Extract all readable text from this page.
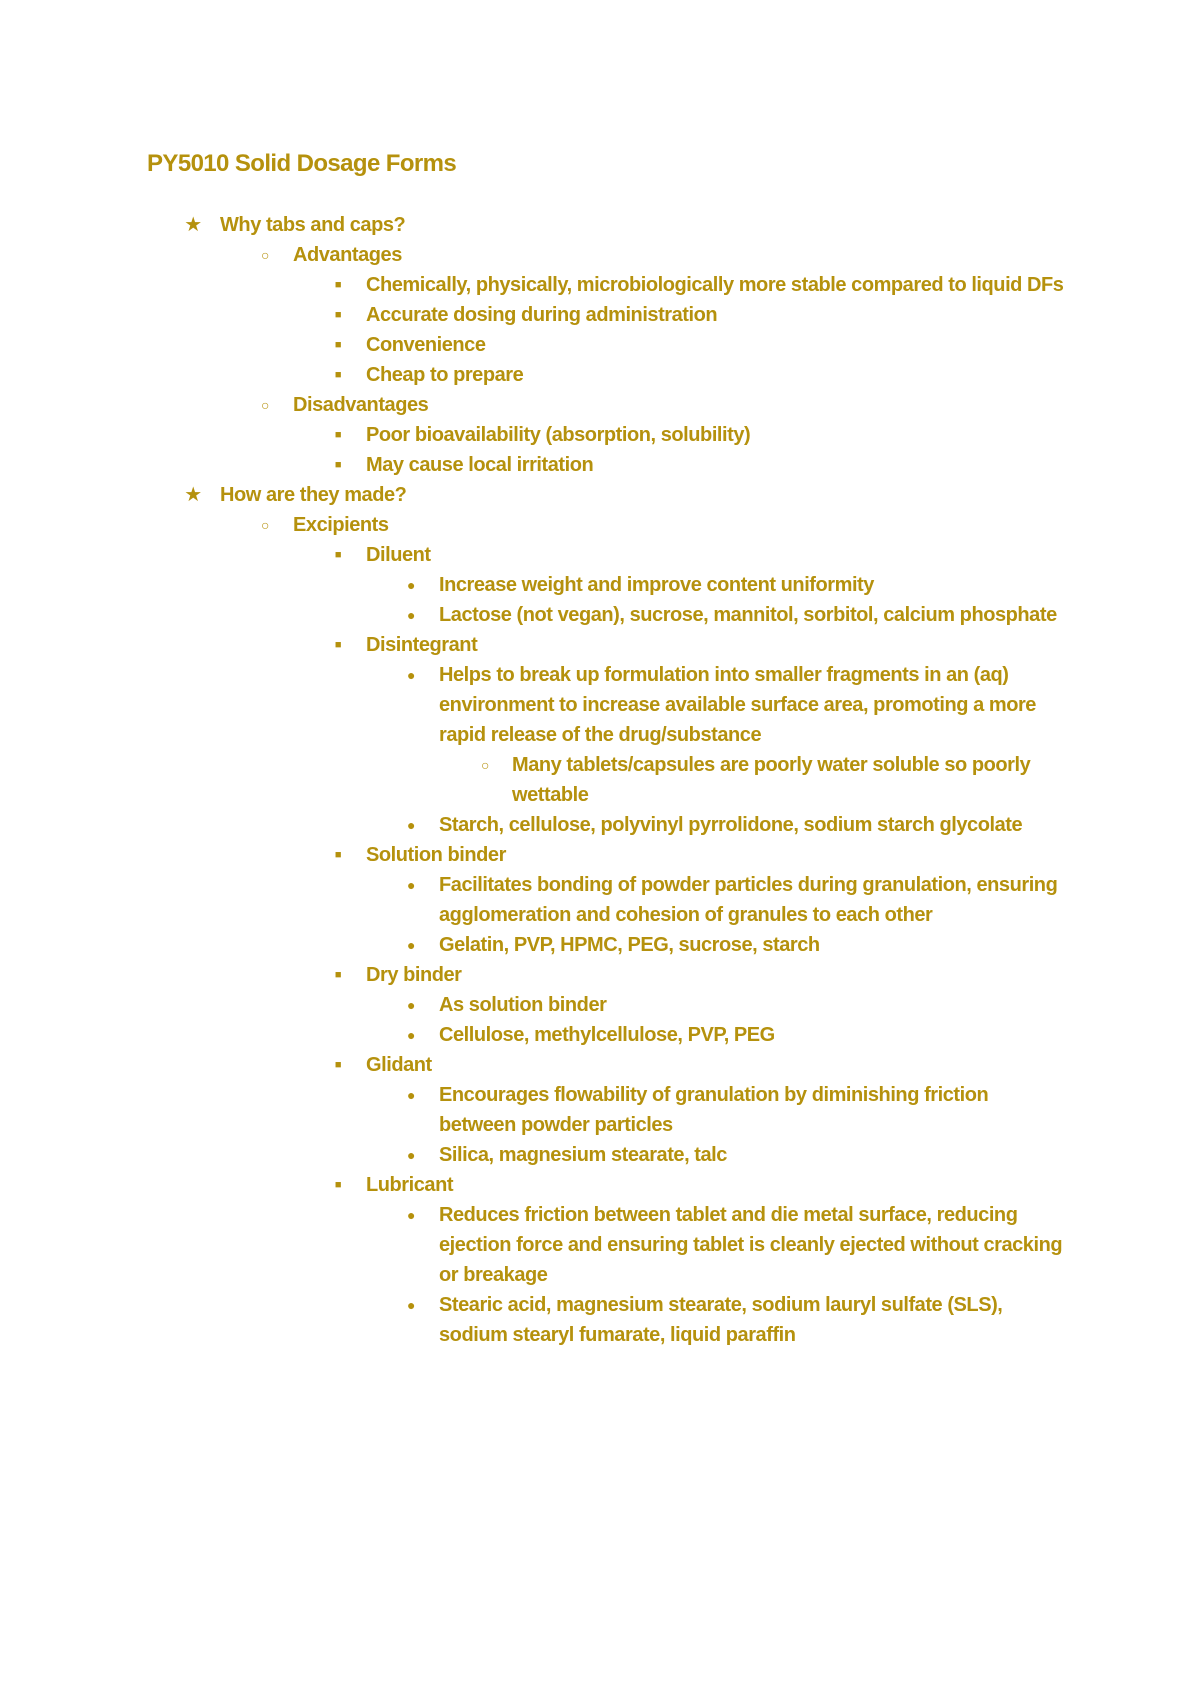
PY5010 Solid Dosage Forms
★ Why tabs and caps?
○	Advantages
■	Chemically, physically, microbiologically more stable compared to liquid DFs
■	Accurate dosing during administration
■	Convenience
■	Cheap to prepare
○	Disadvantages
■	Poor bioavailability (absorption, solubility)
■	May cause local irritation
★ How are they made?
○	Excipients
■	Diluent
●	Increase weight and improve content uniformity
●	Lactose (not vegan), sucrose, mannitol, sorbitol, calcium phosphate
■	Disintegrant
●	Helps to break up formulation into smaller fragments in an (aq) environment to increase available surface area, promoting a more rapid release of the drug/substance
○	Many tablets/capsules are poorly water soluble so poorly wettable
●	Starch, cellulose, polyvinyl pyrrolidone, sodium starch glycolate
■	Solution binder
●	Facilitates bonding of powder particles during granulation, ensuring agglomeration and cohesion of granules to each other
●	Gelatin, PVP, HPMC, PEG, sucrose, starch
■	Dry binder
●	As solution binder
●	Cellulose, methylcellulose, PVP, PEG
■	Glidant
●	Encourages flowability of granulation by diminishing friction between powder particles
●	Silica, magnesium stearate, talc
■	Lubricant
●	Reduces friction between tablet and die metal surface, reducing ejection force and ensuring tablet is cleanly ejected without cracking or breakage
●	Stearic acid, magnesium stearate, sodium lauryl sulfate (SLS), sodium stearyl fumarate, liquid paraffin
